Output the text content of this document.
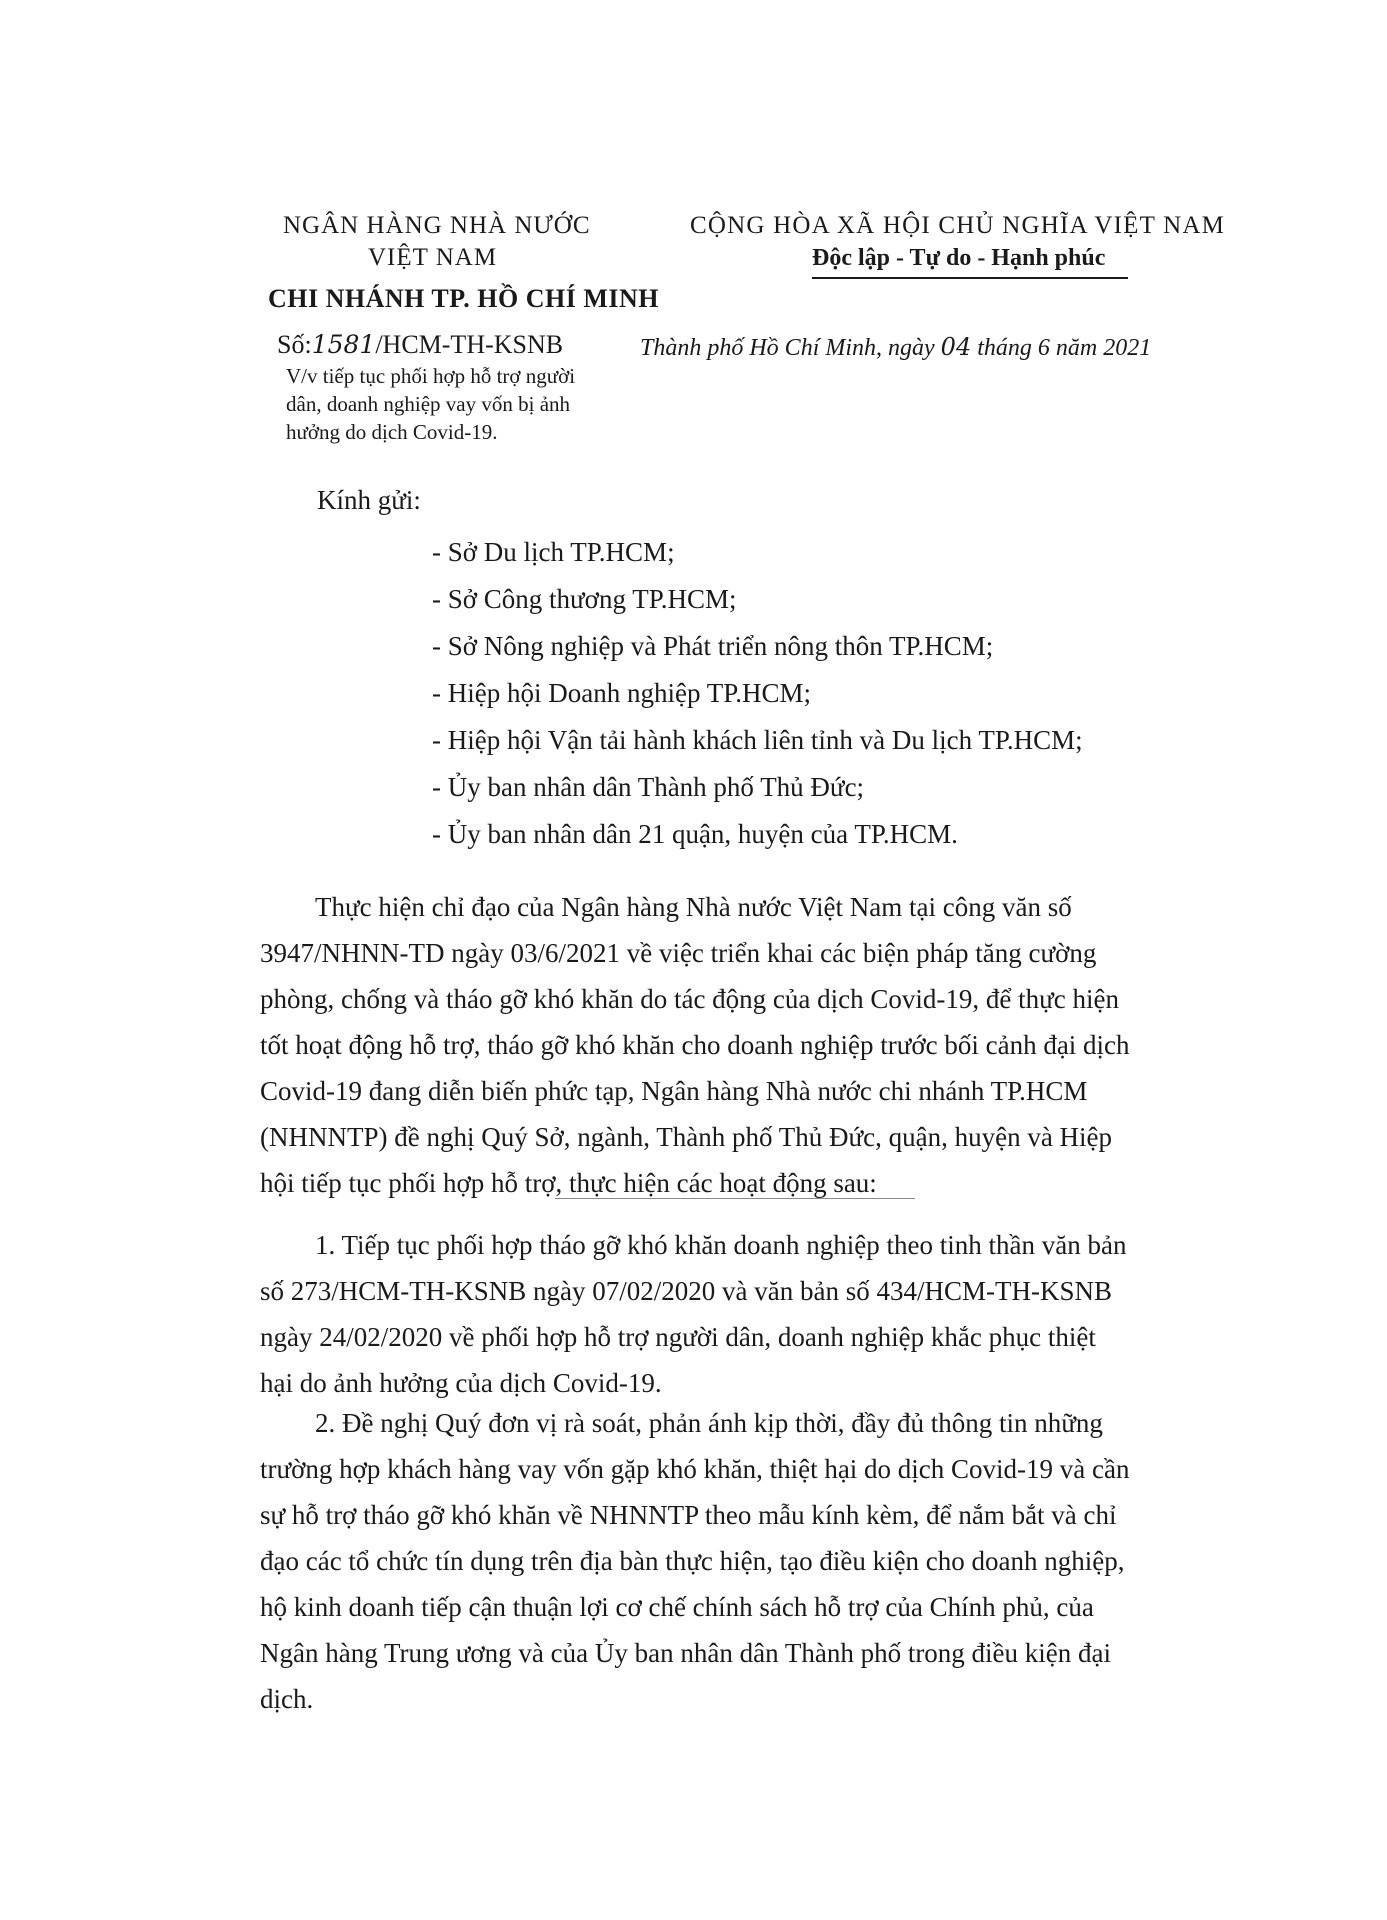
NGÂN HÀNG NHÀ NƯỚC
VIỆT NAM
CHI NHÁNH TP. HỒ CHÍ MINH
CỘNG HÒA XÃ HỘI CHỦ NGHĨA VIỆT NAM
Độc lập - Tự do - Hạnh phúc
Số:1581/HCM-TH-KSNB	Thành phố Hồ Chí Minh, ngày 04 tháng 6 năm 2021
V/v tiếp tục phối hợp hỗ trợ người
dân, doanh nghiệp vay vốn bị ảnh
hưởng do dịch Covid-19.
Kính gửi:
- Sở Du lịch TP.HCM;
- Sở Công thương TP.HCM;
- Sở Nông nghiệp và Phát triển nông thôn TP.HCM;
- Hiệp hội Doanh nghiệp TP.HCM;
- Hiệp hội Vận tải hành khách liên tỉnh và Du lịch TP.HCM;
- Ủy ban nhân dân Thành phố Thủ Đức;
- Ủy ban nhân dân 21 quận, huyện của TP.HCM.
Thực hiện chỉ đạo của Ngân hàng Nhà nước Việt Nam tại công văn số
3947/NHNN-TD ngày 03/6/2021 về việc triển khai các biện pháp tăng cường
phòng, chống và tháo gỡ khó khăn do tác động của dịch Covid-19, để thực hiện
tốt hoạt động hỗ trợ, tháo gỡ khó khăn cho doanh nghiệp trước bối cảnh đại dịch
Covid-19 đang diễn biến phức tạp, Ngân hàng Nhà nước chi nhánh TP.HCM
(NHNNTP) đề nghị Quý Sở, ngành, Thành phố Thủ Đức, quận, huyện và Hiệp
hội tiếp tục phối hợp hỗ trợ, thực hiện các hoạt động sau:
1. Tiếp tục phối hợp tháo gỡ khó khăn doanh nghiệp theo tinh thần văn bản
số 273/HCM-TH-KSNB ngày 07/02/2020 và văn bản số 434/HCM-TH-KSNB
ngày 24/02/2020 về phối hợp hỗ trợ người dân, doanh nghiệp khắc phục thiệt
hại do ảnh hưởng của dịch Covid-19.
2. Đề nghị Quý đơn vị rà soát, phản ánh kịp thời, đầy đủ thông tin những
trường hợp khách hàng vay vốn gặp khó khăn, thiệt hại do dịch Covid-19 và cần
sự hỗ trợ tháo gỡ khó khăn về NHNNTP theo mẫu kính kèm, để nắm bắt và chỉ
đạo các tổ chức tín dụng trên địa bàn thực hiện, tạo điều kiện cho doanh nghiệp,
hộ kinh doanh tiếp cận thuận lợi cơ chế chính sách hỗ trợ của Chính phủ, của
Ngân hàng Trung ương và của Ủy ban nhân dân Thành phố trong điều kiện đại
dịch.
